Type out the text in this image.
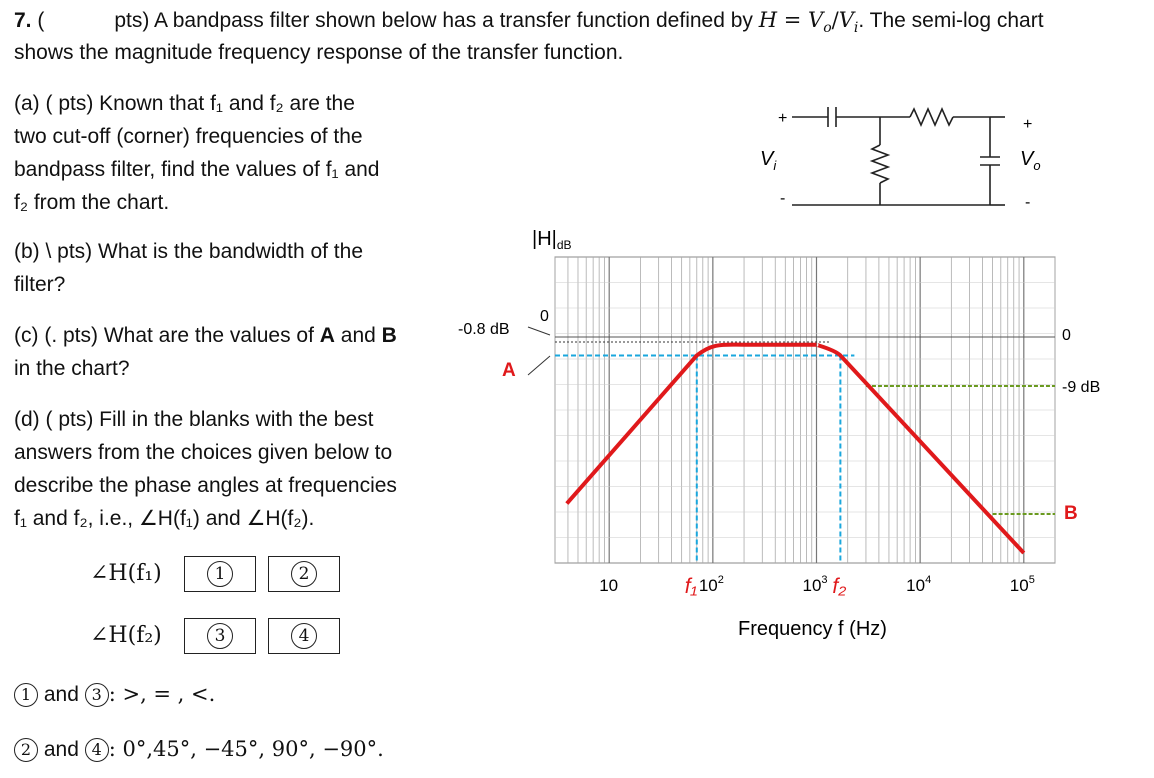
7. (	pts) A bandpass filter shown below has a transfer function defined by $H = V_o/V_i$. The semi-log chart
shows the magnitude frequency response of the transfer function.
(a) ( pts) Known that f₁ and f₂ are the
two cut-off (corner) frequencies of the
bandpass filter, find the values of f₁ and
f₂ from the chart.
(b) \ pts) What is the bandwidth of the
filter?
(c) (. pts) What are the values of A and B
in the chart?
(d) ( pts) Fill in the blanks with the best
answers from the choices given below to
describe the phase angles at frequencies
f₁ and f₂, i.e., ∠H(f₁) and ∠H(f₂).
∠H(f₁)	1	2
∠H(f₂)	3	4
1 and 3 : >, = , <.
2 and 4 : 0°,45°, −45°, 90°, −90°.
+
-
$V_i$
+
-
$V_o$
10	$10^2$	$10^3$	$10^4$	$10^5$
$|H|_{dB}$
0
-0.8 dB
A
0
-9 dB
B
f₁	f₂
Frequency f (Hz)
